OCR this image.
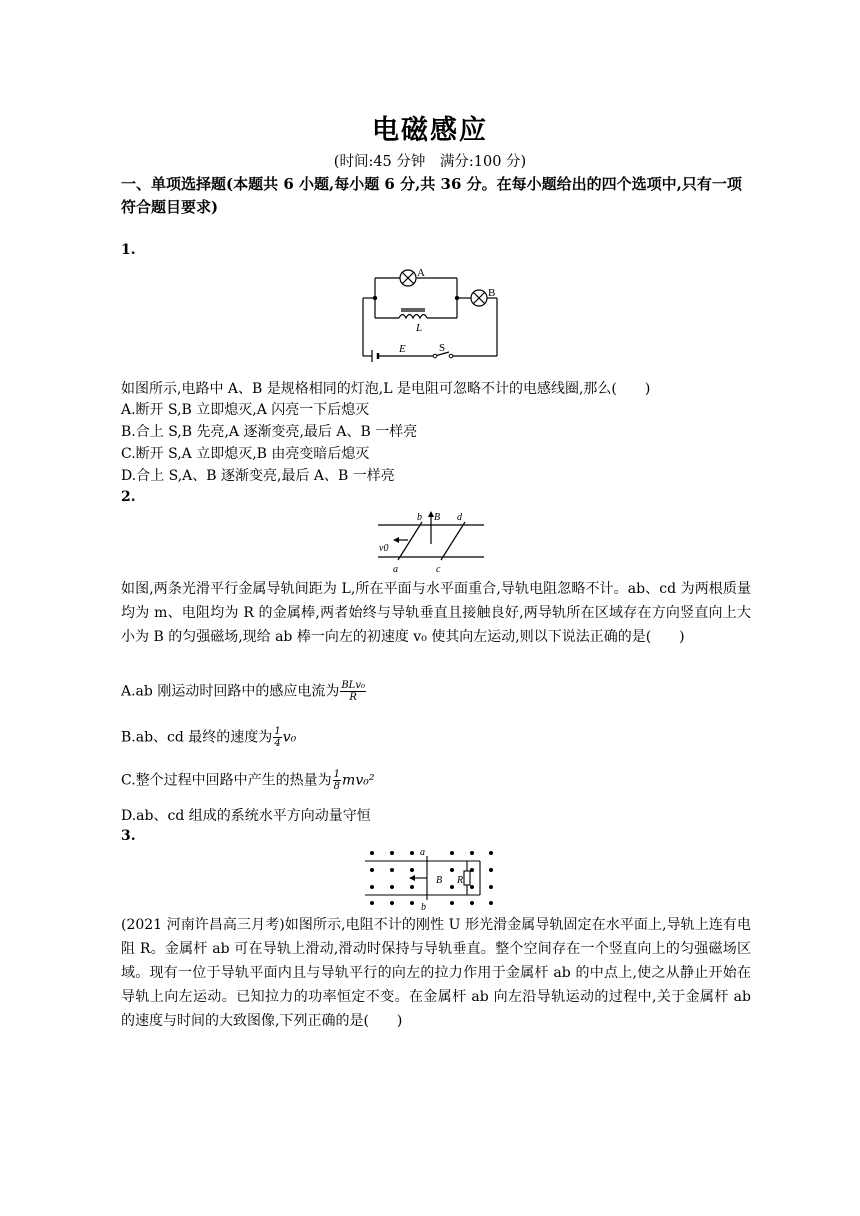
电磁感应
(时间:45 分钟　满分:100 分)
一、单项选择题(本题共 6 小题,每小题 6 分,共 36 分。在每小题给出的四个选项中,只有一项符合题目要求)
1.
A
B
L
E	S
如图所示,电路中 A、B 是规格相同的灯泡,L 是电阻可忽略不计的电感线圈,那么(　　)
A.断开 S,B 立即熄灭,A 闪亮一下后熄灭
B.合上 S,B 先亮,A 逐渐变亮,最后 A、B 一样亮
C.断开 S,A 立即熄灭,B 由亮变暗后熄灭
D.合上 S,A、B 逐渐变亮,最后 A、B 一样亮
2.
b B d
v0
a	c
如图,两条光滑平行金属导轨间距为 L,所在平面与水平面重合,导轨电阻忽略不计。ab、cd 为两根质量均为 m、电阻均为 R 的金属棒,两者始终与导轨垂直且接触良好,两导轨所在区域存在方向竖直向上大小为 B 的匀强磁场,现给 ab 棒一向左的初速度 v₀ 使其向左运动,则以下说法正确的是(　　)
A.ab 刚运动时回路中的感应电流为 $\frac{\text{BLv₀}}{R}$
B.ab、cd 最终的速度为 $\frac{1}{4} v_0$
C.整个过程中回路中产生的热量为 $\frac{1}{8} mv_0^2$
D.ab、cd 组成的系统水平方向动量守恒
3.
a
b
B R
(2021 河南许昌高三月考)如图所示,电阻不计的刚性 U 形光滑金属导轨固定在水平面上,导轨上连有电阻 R。金属杆 ab 可在导轨上滑动,滑动时保持与导轨垂直。整个空间存在一个竖直向上的匀强磁场区域。现有一位于导轨平面内且与导轨平行的向左的拉力作用于金属杆 ab 的中点上,使之从静止开始在导轨上向左运动。已知拉力的功率恒定不变。在金属杆 ab 向左沿导轨运动的过程中,关于金属杆 ab 的速度与时间的大致图像,下列正确的是(　　)
